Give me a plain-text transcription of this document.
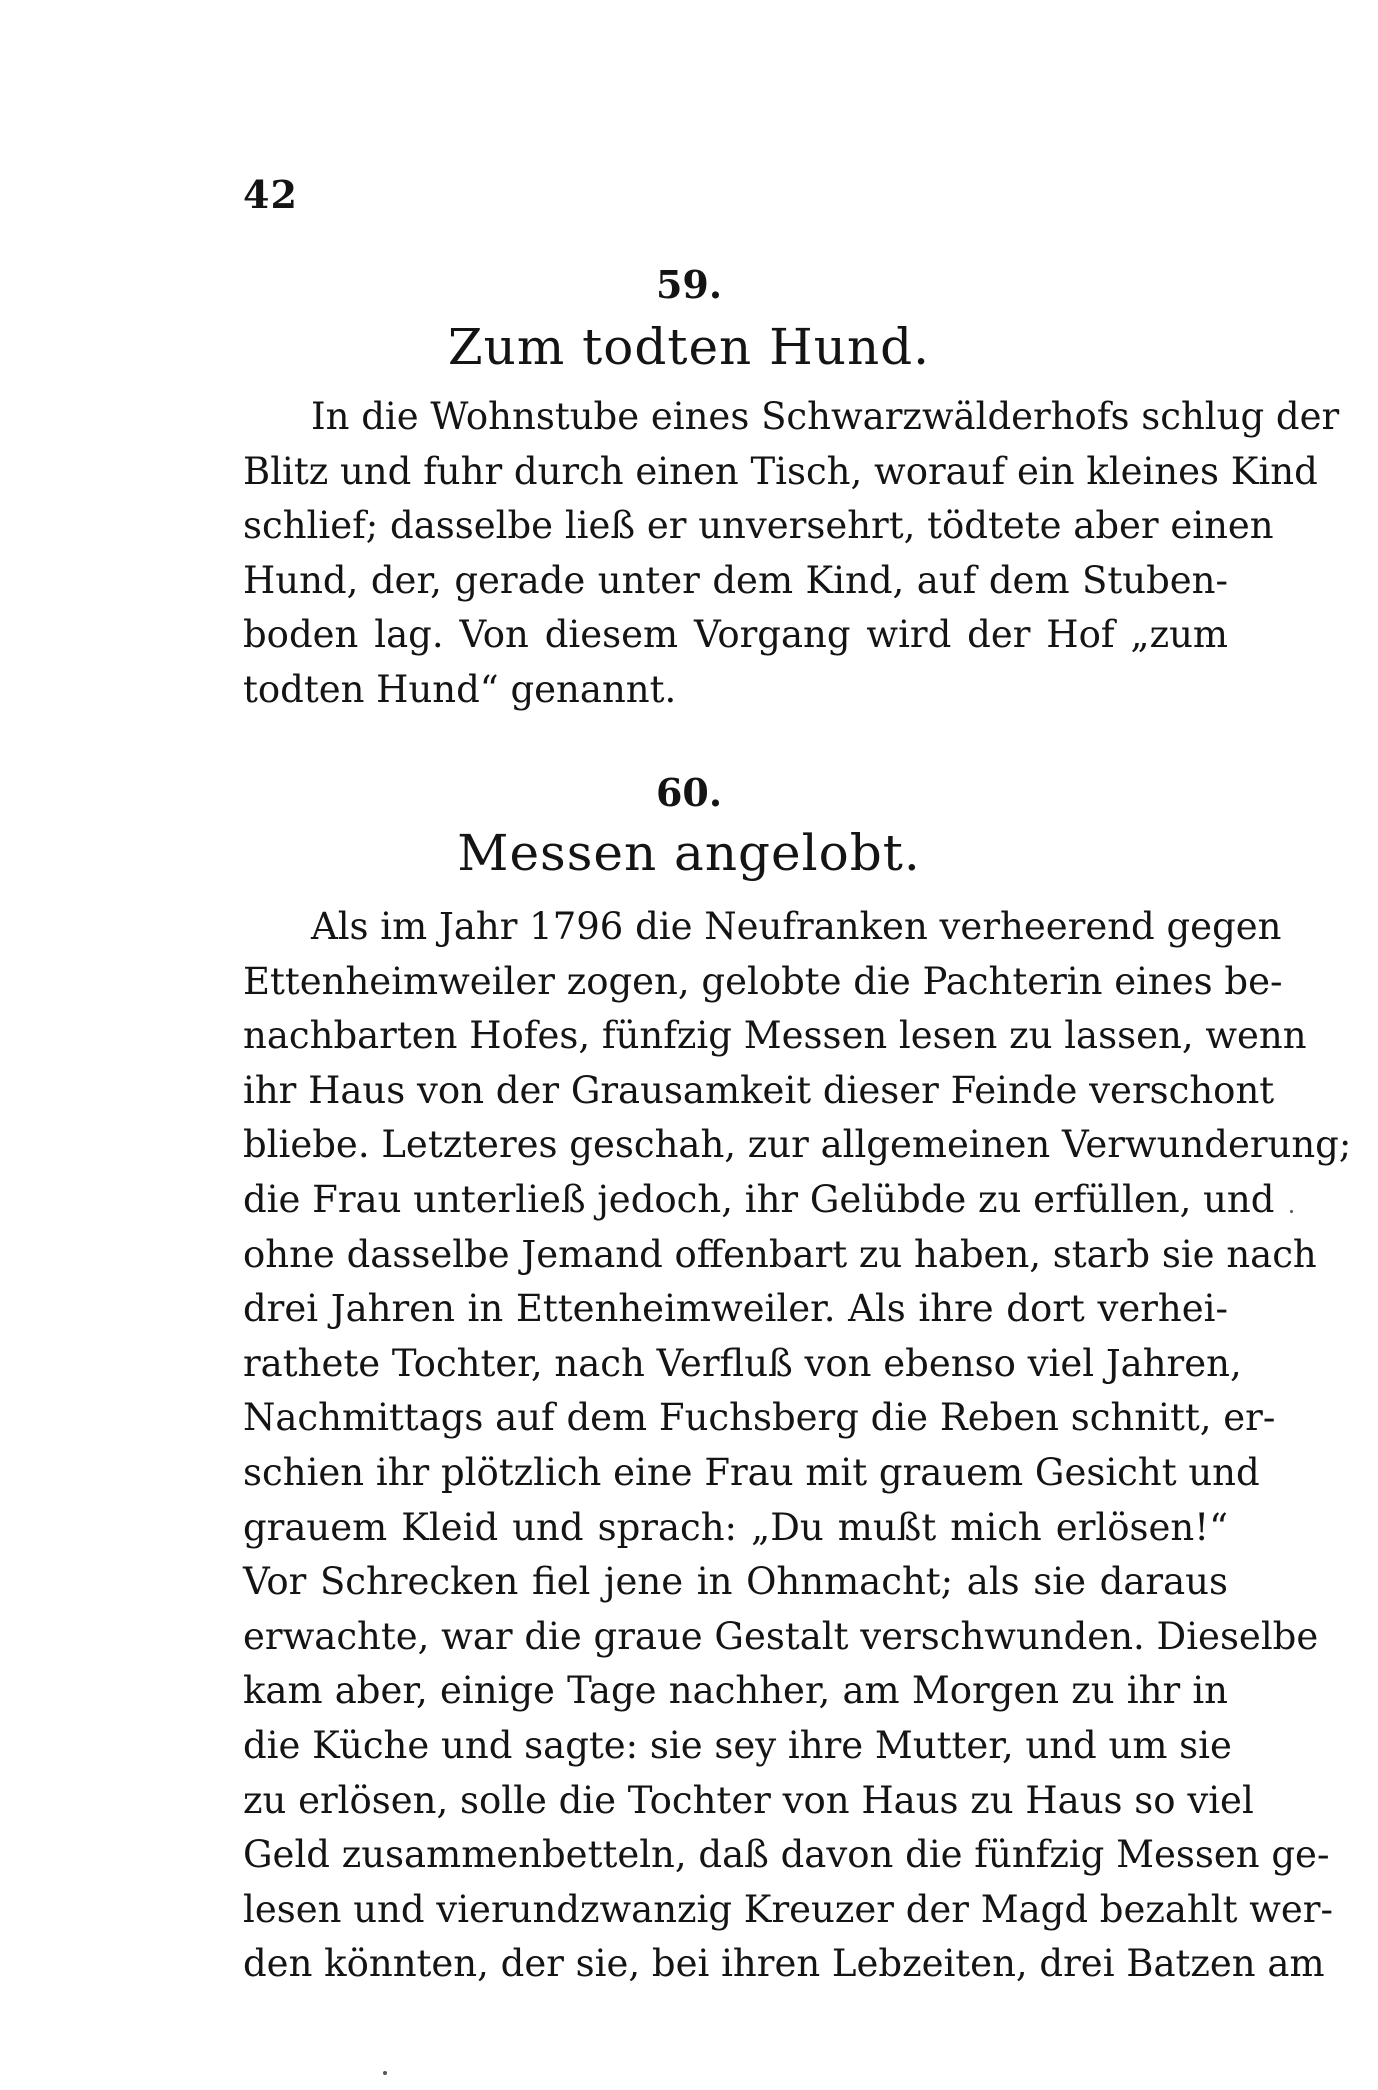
42
59.
Zum todten Hund.
In die Wohnstube eines Schwarzwälderhofs schlug der
Blitz und fuhr durch einen Tisch, worauf ein kleines Kind
schlief; dasselbe ließ er unversehrt, tödtete aber einen
Hund, der, gerade unter dem Kind, auf dem Stuben-
boden lag. Von diesem Vorgang wird der Hof „zum
todten Hund“ genannt.
60.
Messen angelobt.
Als im Jahr 1796 die Neufranken verheerend gegen
Ettenheimweiler zogen, gelobte die Pachterin eines be-
nachbarten Hofes, fünfzig Messen lesen zu lassen, wenn
ihr Haus von der Grausamkeit dieser Feinde verschont
bliebe. Letzteres geschah, zur allgemeinen Verwunderung;
die Frau unterließ jedoch, ihr Gelübde zu erfüllen, und
ohne dasselbe Jemand offenbart zu haben, starb sie nach
drei Jahren in Ettenheimweiler. Als ihre dort verhei-
rathete Tochter, nach Verfluß von ebenso viel Jahren,
Nachmittags auf dem Fuchsberg die Reben schnitt, er-
schien ihr plötzlich eine Frau mit grauem Gesicht und
grauem Kleid und sprach: „Du mußt mich erlösen!“
Vor Schrecken fiel jene in Ohnmacht; als sie daraus
erwachte, war die graue Gestalt verschwunden. Dieselbe
kam aber, einige Tage nachher, am Morgen zu ihr in
die Küche und sagte: sie sey ihre Mutter, und um sie
zu erlösen, solle die Tochter von Haus zu Haus so viel
Geld zusammenbetteln, daß davon die fünfzig Messen ge-
lesen und vierundzwanzig Kreuzer der Magd bezahlt wer-
den könnten, der sie, bei ihren Lebzeiten, drei Batzen am
